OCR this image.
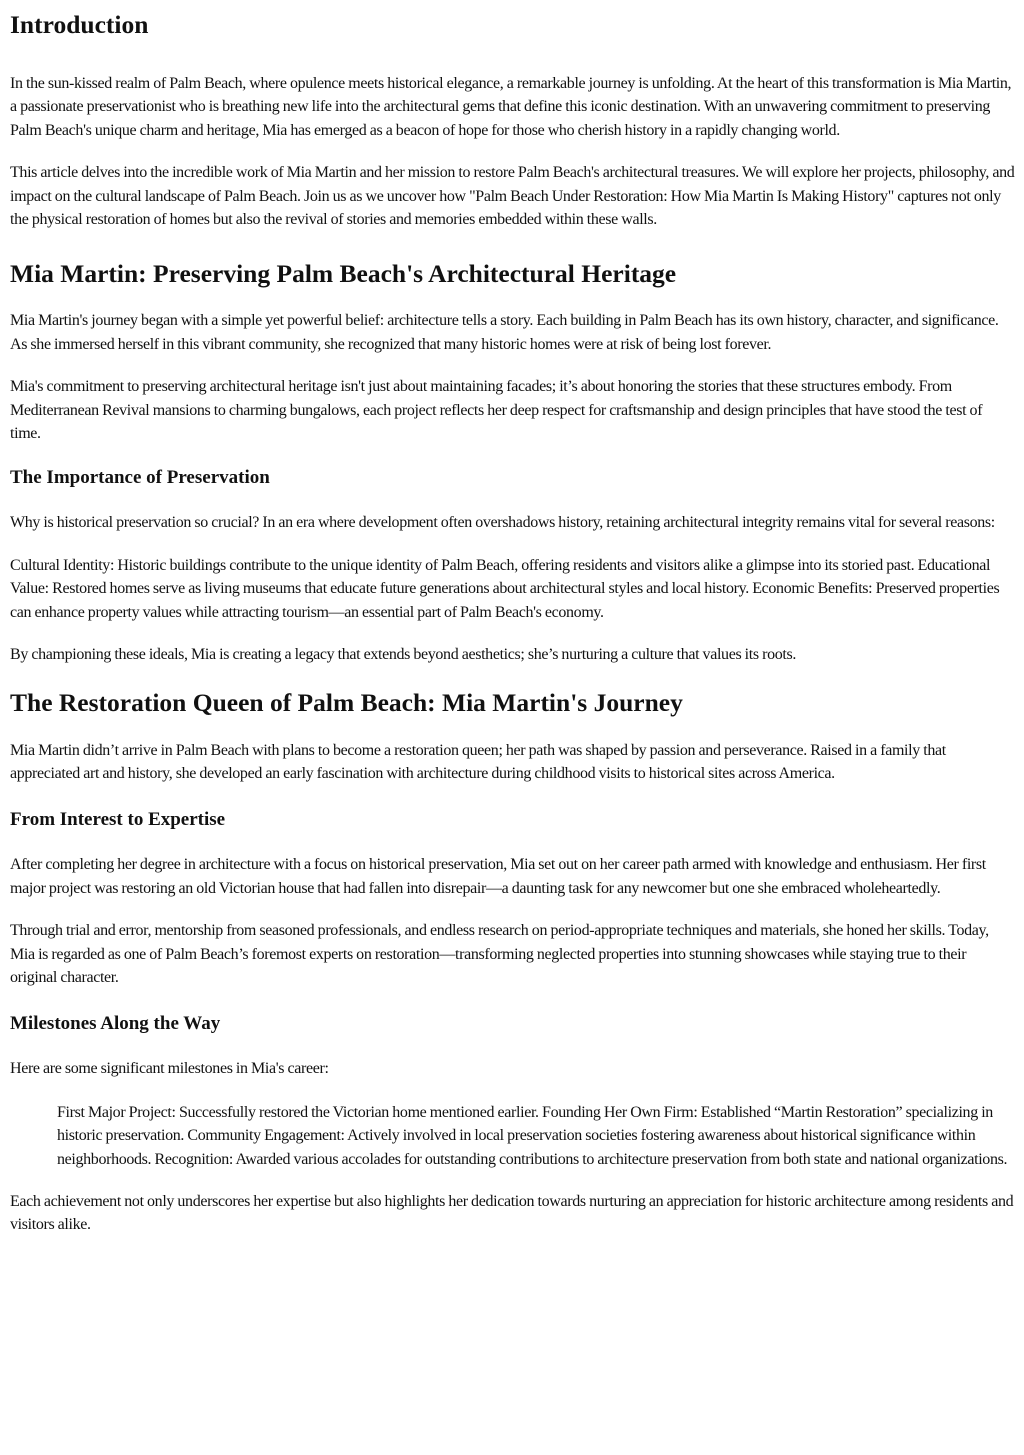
Introduction

In the sun-kissed realm of Palm Beach, where opulence meets historical elegance, a remarkable journey is unfolding. At the heart of this transformation is Mia Martin, a passionate preservationist who is breathing new life into the architectural gems that define this iconic destination. With an unwavering commitment to preserving Palm Beach's unique charm and heritage, Mia has emerged as a beacon of hope for those who cherish history in a rapidly changing world.

This article delves into the incredible work of Mia Martin and her mission to restore Palm Beach's architectural treasures. We will explore her projects, philosophy, and impact on the cultural landscape of Palm Beach. Join us as we uncover how "Palm Beach Under Restoration: How Mia Martin Is Making History" captures not only the physical restoration of homes but also the revival of stories and memories embedded within these walls.

Mia Martin: Preserving Palm Beach's Architectural Heritage

Mia Martin's journey began with a simple yet powerful belief: architecture tells a story. Each building in Palm Beach has its own history, character, and significance. As she immersed herself in this vibrant community, she recognized that many historic homes were at risk of being lost forever.

Mia's commitment to preserving architectural heritage isn't just about maintaining facades; it’s about honoring the stories that these structures embody. From Mediterranean Revival mansions to charming bungalows, each project reflects her deep respect for craftsmanship and design principles that have stood the test of time.

The Importance of Preservation

Why is historical preservation so crucial? In an era where development often overshadows history, retaining architectural integrity remains vital for several reasons:

Cultural Identity: Historic buildings contribute to the unique identity of Palm Beach, offering residents and visitors alike a glimpse into its storied past. Educational Value: Restored homes serve as living museums that educate future generations about architectural styles and local history. Economic Benefits: Preserved properties can enhance property values while attracting tourism—an essential part of Palm Beach's economy.

By championing these ideals, Mia is creating a legacy that extends beyond aesthetics; she’s nurturing a culture that values its roots.

The Restoration Queen of Palm Beach: Mia Martin's Journey

Mia Martin didn’t arrive in Palm Beach with plans to become a restoration queen; her path was shaped by passion and perseverance. Raised in a family that appreciated art and history, she developed an early fascination with architecture during childhood visits to historical sites across America.

From Interest to Expertise

After completing her degree in architecture with a focus on historical preservation, Mia set out on her career path armed with knowledge and enthusiasm. Her first major project was restoring an old Victorian house that had fallen into disrepair—a daunting task for any newcomer but one she embraced wholeheartedly.

Through trial and error, mentorship from seasoned professionals, and endless research on period-appropriate techniques and materials, she honed her skills. Today, Mia is regarded as one of Palm Beach’s foremost experts on restoration—transforming neglected properties into stunning showcases while staying true to their original character.

Milestones Along the Way

Here are some significant milestones in Mia's career:

First Major Project: Successfully restored the Victorian home mentioned earlier. Founding Her Own Firm: Established “Martin Restoration” specializing in historic preservation. Community Engagement: Actively involved in local preservation societies fostering awareness about historical significance within neighborhoods. Recognition: Awarded various accolades for outstanding contributions to architecture preservation from both state and national organizations.

Each achievement not only underscores her expertise but also highlights her dedication towards nurturing an appreciation for historic architecture among residents and visitors alike.
